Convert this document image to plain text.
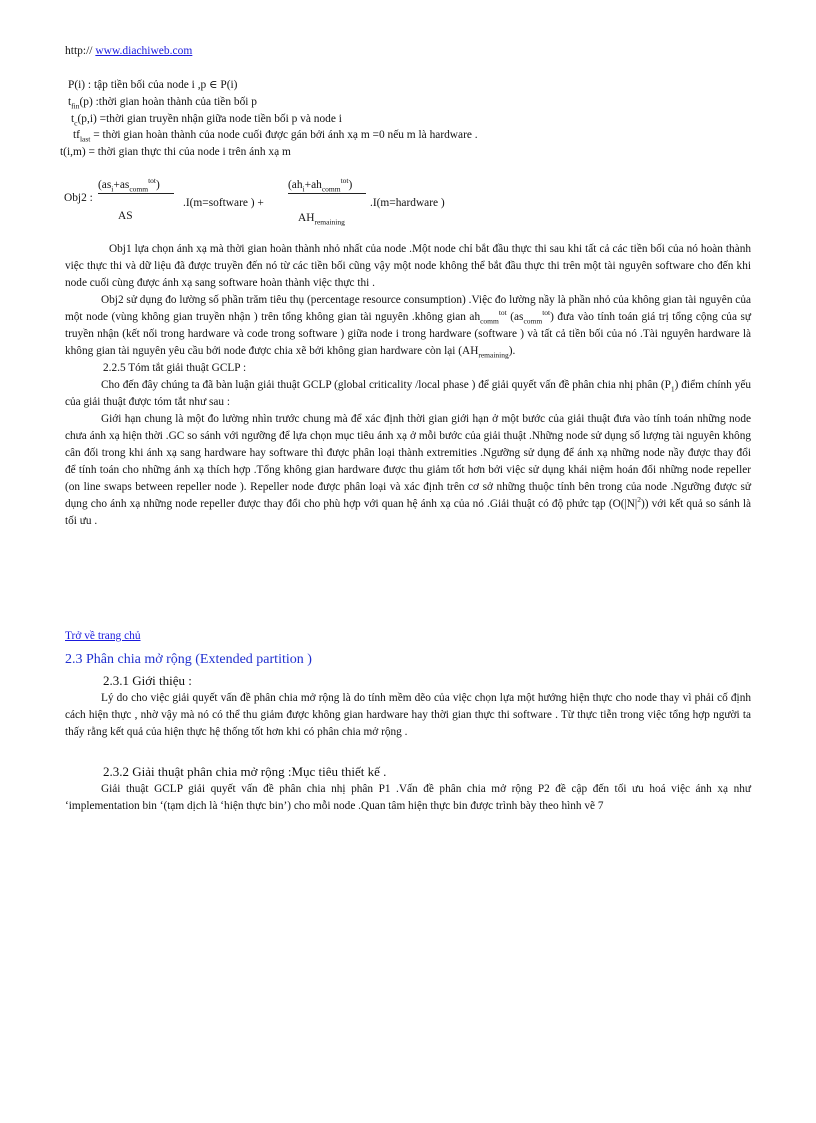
http:// www.diachiweb.com
P(i) : tập tiền bối của node i ,p ∈ P(i)
$t_{fin}(p)$ :thời gian hoàn thành của tiền bối p
$t_c(p,i)$ =thời gian truyền nhận giữa node tiền bối p và node i
$tf_{last}$ = thời gian hoàn thành của node cuối được gán bởi ánh xạ m =0 nếu m là hardware .
t(i,m) = thời gian thực thi của node i trên ánh xạ m
Obj2 :
$(as_i+as_{comm}^{tot})$
AS
.I(m=software ) +
$(ah_i+ah_{comm}^{tot})$
$AH_{remaining}$
.I(m=hardware )

Obj1 lựa chọn ánh xạ mà thời gian hoàn thành nhỏ nhất của node .Một node chỉ bắt đầu thực thi sau khi tất cả các tiền bối của nó hoàn thành việc thực thi và dữ liệu đã được truyền đến nó từ các tiền bối cũng vậy một node không thể bắt đầu thực thi trên một tài nguyên software cho đến khi node cuối cùng được ánh xạ sang software hoàn thành việc thực thi .

Obj2 sử dụng đo lường số phần trăm tiêu thụ (percentage resource consumption) .Việc đo lường nầy là phần nhỏ của không gian tài nguyên của một node (vùng không gian truyền nhận ) trên tổng không gian tài nguyên .không gian $ah_{comm}^{tot}$ $(as_{comm}^{tot})$ đưa vào tính toán giá trị tổng cộng của sự truyền nhận (kết nối trong hardware và code trong software ) giữa node i trong hardware (software ) và tất cả tiền bối của nó .Tài nguyên hardware là không gian tài nguyên yêu cầu bởi node được chia xẽ bởi không gian hardware còn lại $(AH_{remaining})$.

2.2.5 Tóm tắt giải thuật GCLP :

Cho đến đây chúng ta đã bàn luận giải thuật GCLP (global criticality /local phase ) để giải quyết vấn đề phân chia nhị phân $(P_1)$ điểm chính yếu của giải thuật được tóm tắt như sau :

Giới hạn chung là một đo lường nhìn trước chung mà để xác định thời gian giới hạn ở một bước của giải thuật đưa vào tính toán những node chưa ánh xạ hiện thời .GC so sánh với ngưỡng để lựa chọn mục tiêu ánh xạ ở mỗi bước của giải thuật .Những node sử dụng số lượng tài nguyên không cân đối trong khi ánh xạ sang hardware hay software thì được phân loại thành extremities .Ngưỡng sử dụng để ánh xạ những node nầy được thay đổi để tính toán cho những ánh xạ thích hợp .Tổng không gian hardware được thu giảm tốt hơn bởi việc sử dụng khái niệm hoán đổi những node repeller (on line swaps between repeller node ). Repeller node được phân loại và xác định trên cơ sở những thuộc tính bên trong của node .Ngưỡng được sử dụng cho ánh xạ những node repeller được thay đổi cho phù hợp với quan hệ ánh xạ của nó .Giải thuật có độ phức tạp $(O(|N|^2))$ với kết quả so sánh là tối ưu .

Trở về trang chủ
2.3 Phân chia mở rộng (Extended partition )
2.3.1 Giới thiệu :

Lý do cho việc giải quyết vấn đề phân chia mở rộng là do tính mềm dẽo của việc chọn lựa một hướng hiện thực cho node thay vì phải cố định cách hiện thực , nhờ vậy mà nó có thể thu giảm được không gian hardware hay thời gian thực thi software . Từ thực tiễn trong việc tổng hợp người ta thấy rằng kết quả của hiện thực hệ thống tốt hơn khi có phân chia mở rộng .

2.3.2 Giải thuật phân chia mở rộng :Mục tiêu thiết kế .

Giải thuật GCLP giải quyết vấn đề phân chia nhị phân P1 .Vấn đề phân chia mở rộng P2 đề cập đến tối ưu hoá việc ánh xạ như ‘implementation bin ‘(tạm dịch là ‘hiện thực bin’) cho mỗi node .Quan tâm hiện thực bin được trình bày theo hình vẽ 7
